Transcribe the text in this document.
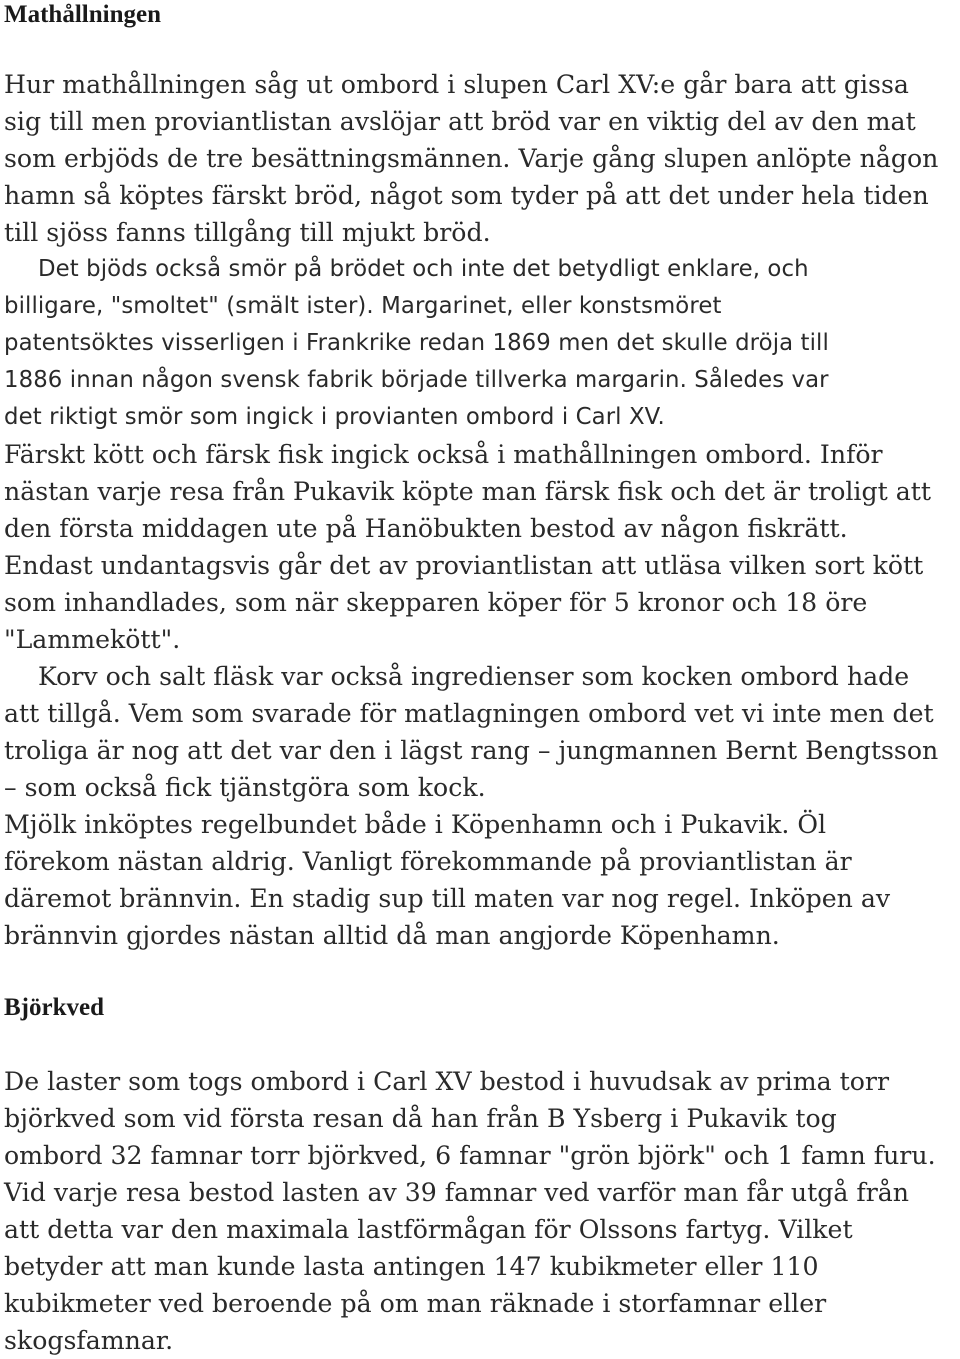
Mathållningen
Hur mathållningen såg ut ombord i slupen Carl XV:e går bara att gissa
sig till men proviantlistan avslöjar att bröd var en viktig del av den mat
som erbjöds de tre besättningsmännen. Varje gång slupen anlöpte någon
hamn så köptes färskt bröd, något som tyder på att det under hela tiden
till sjöss fanns tillgång till mjukt bröd.
Det bjöds också smör på brödet och inte det betydligt enklare, och
billigare, "smoltet" (smält ister). Margarinet, eller konstsmöret
patentsöktes visserligen i Frankrike redan 1869 men det skulle dröja till
1886 innan någon svensk fabrik började tillverka margarin. Således var
det riktigt smör som ingick i provianten ombord i Carl XV.
Färskt kött och färsk fisk ingick också i mathållningen ombord. Inför
nästan varje resa från Pukavik köpte man färsk fisk och det är troligt att
den första middagen ute på Hanöbukten bestod av någon fiskrätt.
Endast undantagsvis går det av proviantlistan att utläsa vilken sort kött
som inhandlades, som när skepparen köper för 5 kronor och 18 öre
"Lammekött".
Korv och salt fläsk var också ingredienser som kocken ombord hade
att tillgå. Vem som svarade för matlagningen ombord vet vi inte men det
troliga är nog att det var den i lägst rang – jungmannen Bernt Bengtsson
– som också fick tjänstgöra som kock.
Mjölk inköptes regelbundet både i Köpenhamn och i Pukavik. Öl
förekom nästan aldrig. Vanligt förekommande på proviantlistan är
däremot brännvin. En stadig sup till maten var nog regel. Inköpen av
brännvin gjordes nästan alltid då man angjorde Köpenhamn.
Björkved
De laster som togs ombord i Carl XV bestod i huvudsak av prima torr
björkved som vid första resan då han från B Ysberg i Pukavik tog
ombord 32 famnar torr björkved, 6 famnar "grön björk" och 1 famn furu.
Vid varje resa bestod lasten av 39 famnar ved varför man får utgå från
att detta var den maximala lastförmågan för Olssons fartyg. Vilket
betyder att man kunde lasta antingen 147 kubikmeter eller 110
kubikmeter ved beroende på om man räknade i storfamnar eller
skogsfamnar.
